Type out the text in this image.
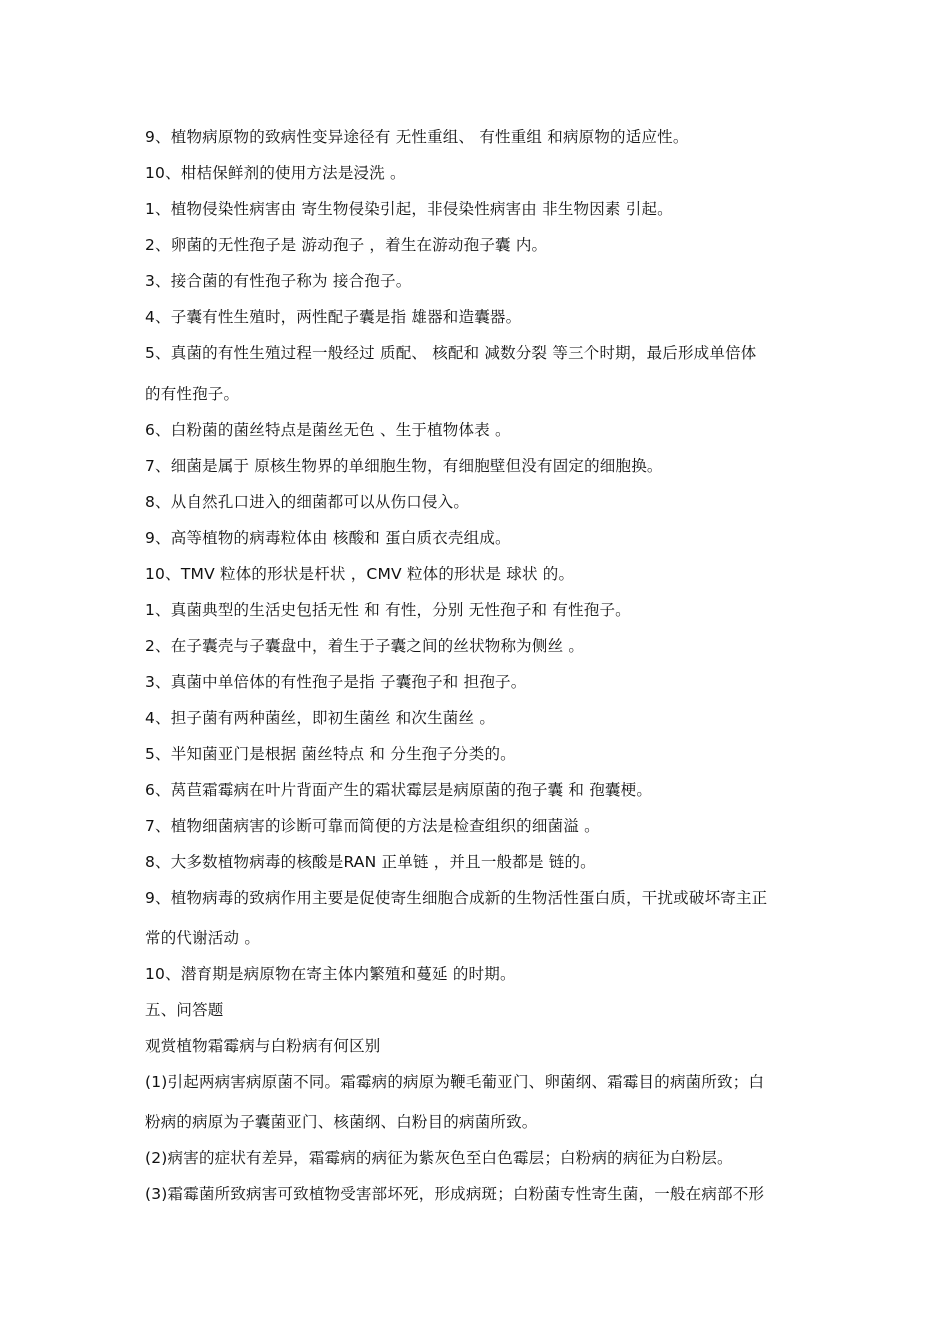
9、植物病原物的致病性变异途径有 无性重组、 有性重组 和病原物的适应性。
10、柑桔保鲜剂的使用方法是浸洗 。
1、植物侵染性病害由 寄生物侵染引起，非侵染性病害由 非生物因素 引起。
2、卵菌的无性孢子是 游动孢子 ，着生在游动孢子囊 内。
3、接合菌的有性孢子称为 接合孢子。
4、子囊有性生殖时，两性配子囊是指 雄器和造囊器。
5、真菌的有性生殖过程一般经过 质配、 核配和 减数分裂 等三个时期，最后形成单倍体
的有性孢子。
6、白粉菌的菌丝特点是菌丝无色 、生于植物体表 。
7、细菌是属于 原核生物界的单细胞生物，有细胞壁但没有固定的细胞换。
8、从自然孔口进入的细菌都可以从伤口侵入。
9、高等植物的病毒粒体由 核酸和 蛋白质衣壳组成。
10、TMV 粒体的形状是杆状 ，CMV 粒体的形状是 球状 的。
1、真菌典型的生活史包括无性 和 有性，分别 无性孢子和 有性孢子。
2、在子囊壳与子囊盘中，着生于子囊之间的丝状物称为侧丝 。
3、真菌中单倍体的有性孢子是指 子囊孢子和 担孢子。
4、担子菌有两种菌丝，即初生菌丝 和次生菌丝 。
5、半知菌亚门是根据 菌丝特点 和 分生孢子分类的。
6、莴苣霜霉病在叶片背面产生的霜状霉层是病原菌的孢子囊 和 孢囊梗。
7、植物细菌病害的诊断可靠而简便的方法是检查组织的细菌溢 。
8、大多数植物病毒的核酸是RAN 正单链 ，并且一般都是 链的。
9、植物病毒的致病作用主要是促使寄生细胞合成新的生物活性蛋白质，干扰或破坏寄主正
常的代谢活动 。
10、潜育期是病原物在寄主体内繁殖和蔓延 的时期。
五、问答题
观赏植物霜霉病与白粉病有何区别
(1)引起两病害病原菌不同。霜霉病的病原为鞭毛葡亚门、卵菌纲、霜霉目的病菌所致；白
粉病的病原为子囊菌亚门、核菌纲、白粉目的病菌所致。
(2)病害的症状有差异，霜霉病的病征为紫灰色至白色霉层；白粉病的病征为白粉层。
(3)霜霉菌所致病害可致植物受害部坏死，形成病斑；白粉菌专性寄生菌，一般在病部不形
